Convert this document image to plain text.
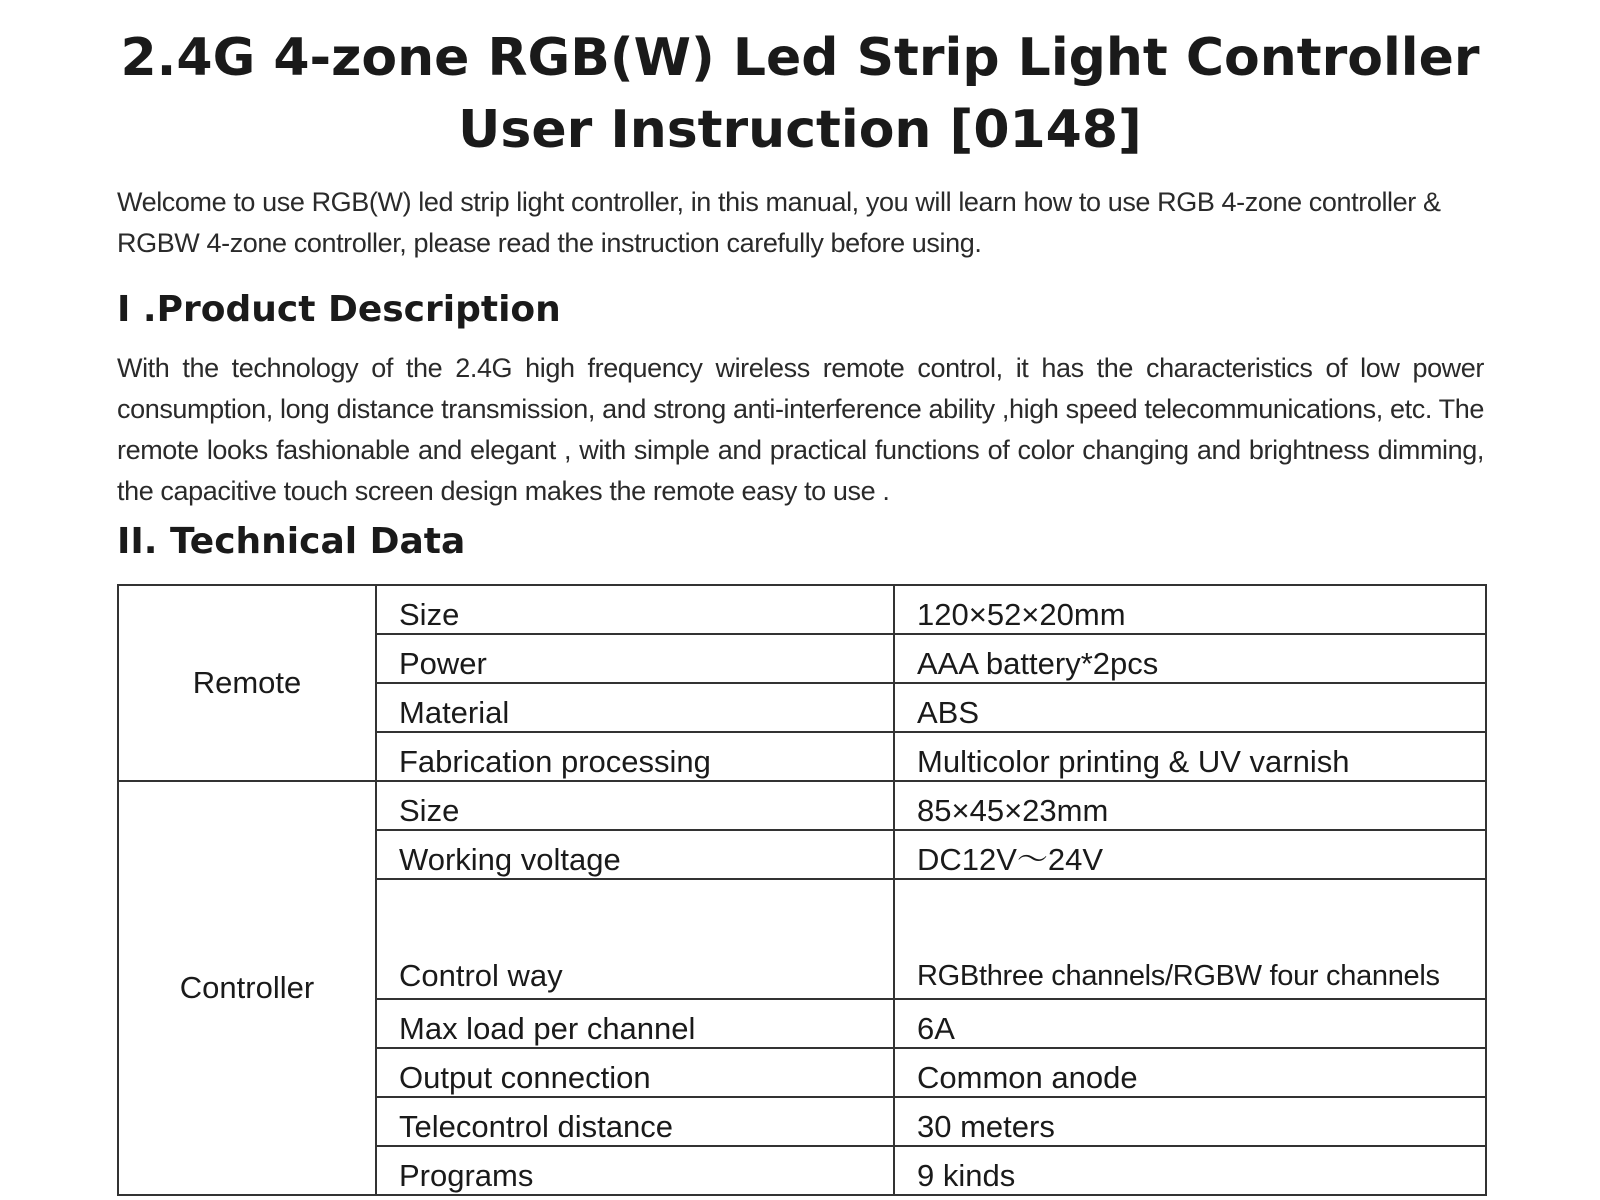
2.4G 4-zone RGB(W) Led Strip Light Controller
User Instruction [0148]

Welcome to use RGB(W) led strip light controller, in this manual, you will learn how to use RGB 4-zone controller & RGBW 4-zone controller, please read the instruction carefully before using.

I .Product Description

With the technology of the 2.4G high frequency wireless remote control, it has the characteristics of low power consumption, long distance transmission, and strong anti-interference ability ,high speed telecommunications, etc. The remote looks fashionable and elegant , with simple and practical functions of color changing and brightness dimming, the capacitive touch screen design makes the remote easy to use .

II. Technical Data
Remote	Size	120×52×20mm
	Power	AAA battery*2pcs
	Material	ABS
	Fabrication processing	Multicolor printing & UV varnish
Controller	Size	85×45×23mm
	Working voltage	DC12V～24V
	Control way	RGBthree channels/RGBW four channels
	Max load per channel	6A
	Output connection	Common anode
	Telecontrol distance	30 meters
	Programs	9 kinds
